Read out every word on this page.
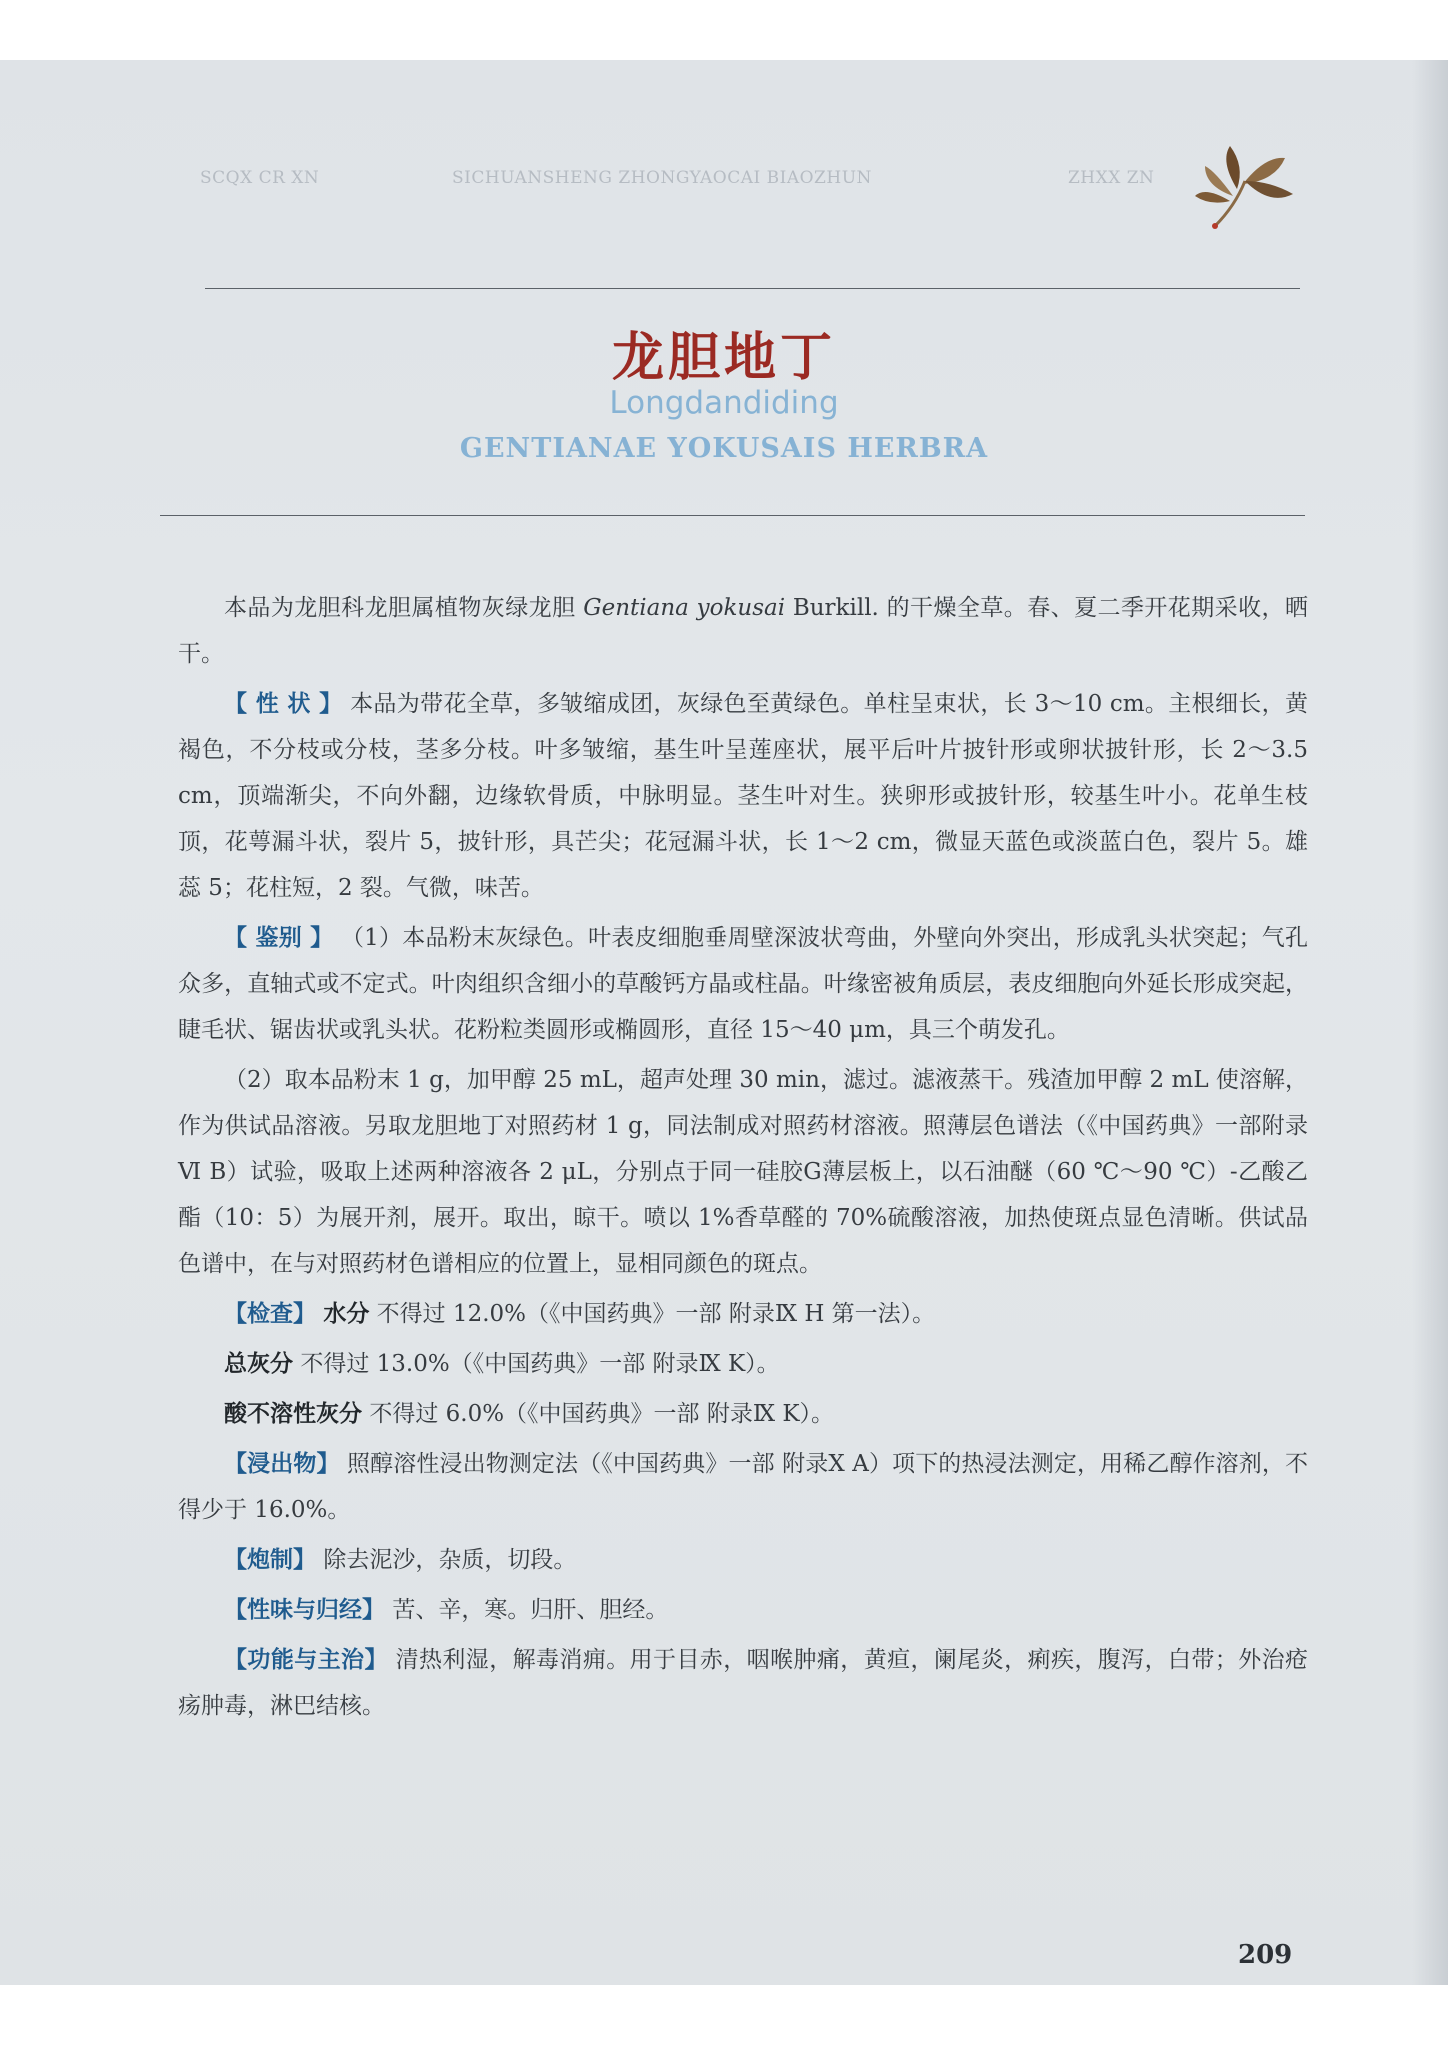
SCQX CR XN	SICHUANSHENG ZHONGYAOCAI BIAOZHUN	ZHXX ZN
龙胆地丁
Longdandiding
GENTIANAE YOKUSAIS HERBRA

本品为龙胆科龙胆属植物灰绿龙胆 Gentiana yokusai Burkill. 的干燥全草。春、夏二季开花期采收，晒干。

【 性 状 】 本品为带花全草，多皱缩成团，灰绿色至黄绿色。单柱呈束状，长 3～10 cm。主根细长，黄褐色，不分枝或分枝，茎多分枝。叶多皱缩，基生叶呈莲座状，展平后叶片披针形或卵状披针形，长 2～3.5 cm，顶端渐尖，不向外翻，边缘软骨质，中脉明显。茎生叶对生。狭卵形或披针形，较基生叶小。花单生枝顶，花萼漏斗状，裂片 5，披针形，具芒尖；花冠漏斗状，长 1～2 cm，微显天蓝色或淡蓝白色，裂片 5。雄蕊 5；花柱短，2 裂。气微，味苦。

【 鉴别 】 （1）本品粉末灰绿色。叶表皮细胞垂周壁深波状弯曲，外壁向外突出，形成乳头状突起；气孔众多，直轴式或不定式。叶肉组织含细小的草酸钙方晶或柱晶。叶缘密被角质层，表皮细胞向外延长形成突起，睫毛状、锯齿状或乳头状。花粉粒类圆形或椭圆形，直径 15～40 μm，具三个萌发孔。

（2）取本品粉末 1 g，加甲醇 25 mL，超声处理 30 min，滤过。滤液蒸干。残渣加甲醇 2 mL 使溶解，作为供试品溶液。另取龙胆地丁对照药材 1 g，同法制成对照药材溶液。照薄层色谱法（《中国药典》一部附录Ⅵ B）试验，吸取上述两种溶液各 2 μL，分别点于同一硅胶G薄层板上，以石油醚（60 ℃～90 ℃）-乙酸乙酯（10：5）为展开剂，展开。取出，晾干。喷以 1%香草醛的 70%硫酸溶液，加热使斑点显色清晰。供试品色谱中，在与对照药材色谱相应的位置上，显相同颜色的斑点。

【检查】 水分 不得过 12.0%（《中国药典》一部 附录Ⅸ H 第一法）。

总灰分 不得过 13.0%（《中国药典》一部 附录Ⅸ K）。

酸不溶性灰分 不得过 6.0%（《中国药典》一部 附录Ⅸ K）。

【浸出物】 照醇溶性浸出物测定法（《中国药典》一部 附录Ⅹ A）项下的热浸法测定，用稀乙醇作溶剂，不得少于 16.0%。

【炮制】 除去泥沙，杂质，切段。

【性味与归经】 苦、辛，寒。归肝、胆经。

【功能与主治】 清热利湿，解毒消痈。用于目赤，咽喉肿痛，黄疸，阑尾炎，痢疾，腹泻，白带；外治疮疡肿毒，淋巴结核。

209
